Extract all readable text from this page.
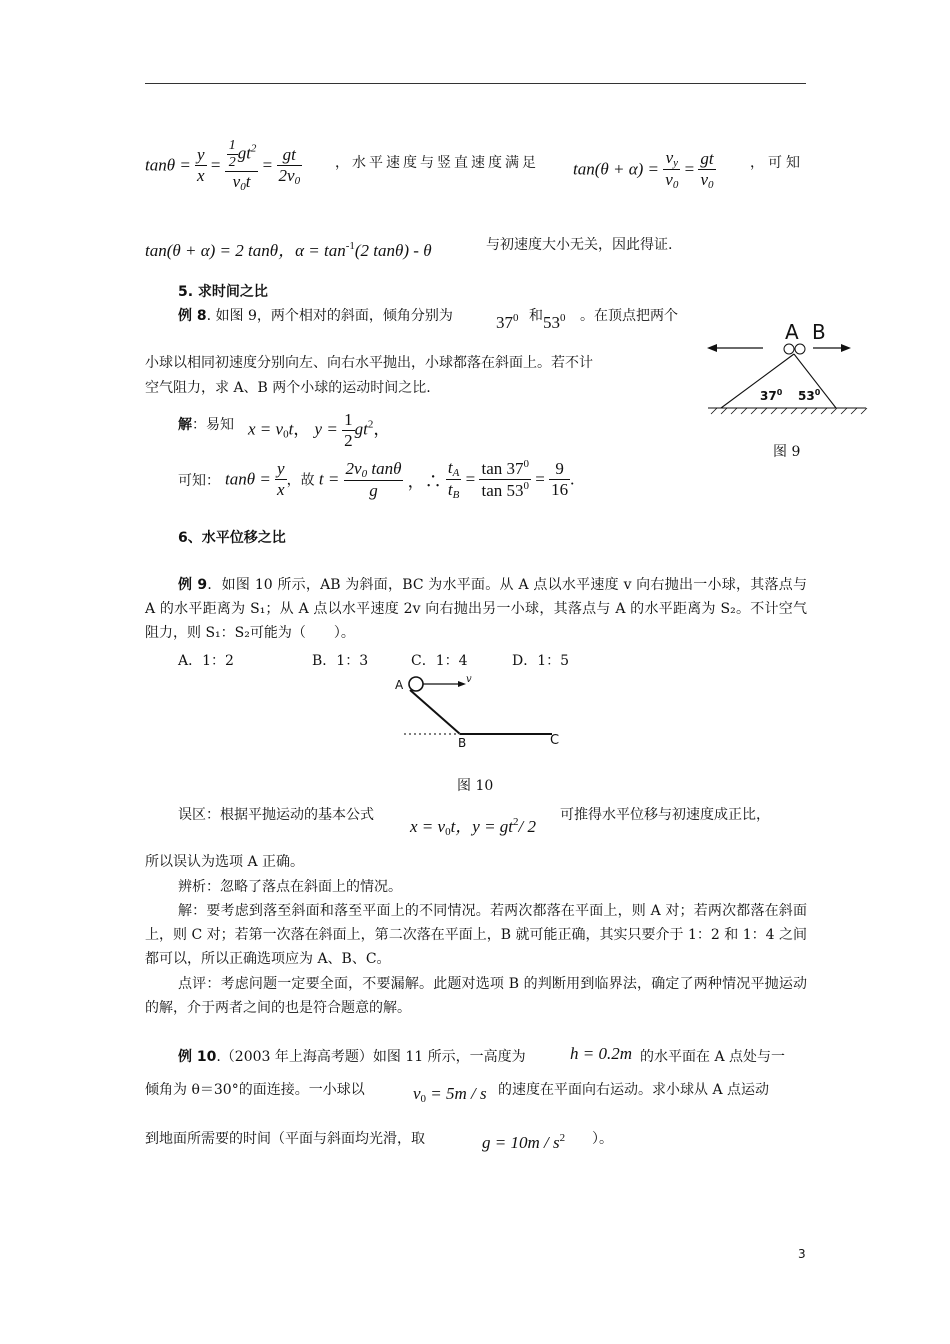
$\tan\theta = \frac{y}{x} = \frac{\frac{1}{2} gt^2}{v_0t} = \frac{gt}{2v_0}$ ，水平速度与竖直速度满足 $\tan(\theta + \alpha) = \frac{v_y}{v_0} = \frac{gt}{v_0}$ ，可知
tan(θ + α) = 2 tanθ，$\alpha = \tan^{-1}(2$ tanθ) - θ	与初速度大小无关，因此得证.
5. 求时间之比
例 8. 如图 9，两个相对的斜面，倾角分别为	$37^0$ 和 $53^0$ 。在顶点把两个
小球以相同初速度分别向左、向右水平抛出，小球都落在斜面上。若不计
空气阻力，求 A、B 两个小球的运动时间之比.
解：易知 $x = v_0t$， $y = \frac{1}{2} gt^2$，
可知： $\tan\theta = \frac{y}{x}$ ，故 $t = \frac{2v_0 \tan\theta}{g}$ ，∴ $\frac{t_A}{t_B} = \frac{\tan 37^0}{\tan 53^0} = \frac{9}{16}$ .
A B
$37^0$ $53^0$
图 9
6、水平位移之比
例 9．如图 10 所示，AB 为斜面，BC 为水平面。从 A 点以水平速度 v 向右抛出一小球，其落点与 A 的水平距离为 S₁；从 A 点以水平速度 2v 向右抛出另一小球，其落点与 A 的水平距离为 S₂。不计空气阻力，则 S₁：S₂可能为（　　）。
A．1：2	B．1：3	C．1：4	D．1：5
A
B	C
v
图 10
误区：根据平抛运动的基本公式
$x = v_0t$，$y = gt^2/$ 2
可推得水平位移与初速度成正比，
所以误认为选项 A 正确。
辨析：忽略了落点在斜面上的情况。
解：要考虑到落至斜面和落至平面上的不同情况。若两次都落在平面上，则 A 对；若两次都落在斜面上，则 C 对；若第一次落在斜面上，第二次落在平面上，B 就可能正确，其实只要介于 1：2 和 1：4 之间都可以，所以正确选项应为 A、B、C。
点评：考虑问题一定要全面，不要漏解。此题对选项 B 的判断用到临界法，确定了两种情况平抛运动的解，介于两者之间的也是符合题意的解。
例 10.（2003 年上海高考题）如图 11 所示，一高度为	h = 0.2m 的水平面在 A 点处与一
倾角为 θ＝30°的面连接。一小球以	$v_0 = 5m / s$ 的速度在平面向右运动。求小球从 A 点运动
到地面所需要的时间（平面与斜面均光滑，取	$g = 10m / s^2$ ）。
3
